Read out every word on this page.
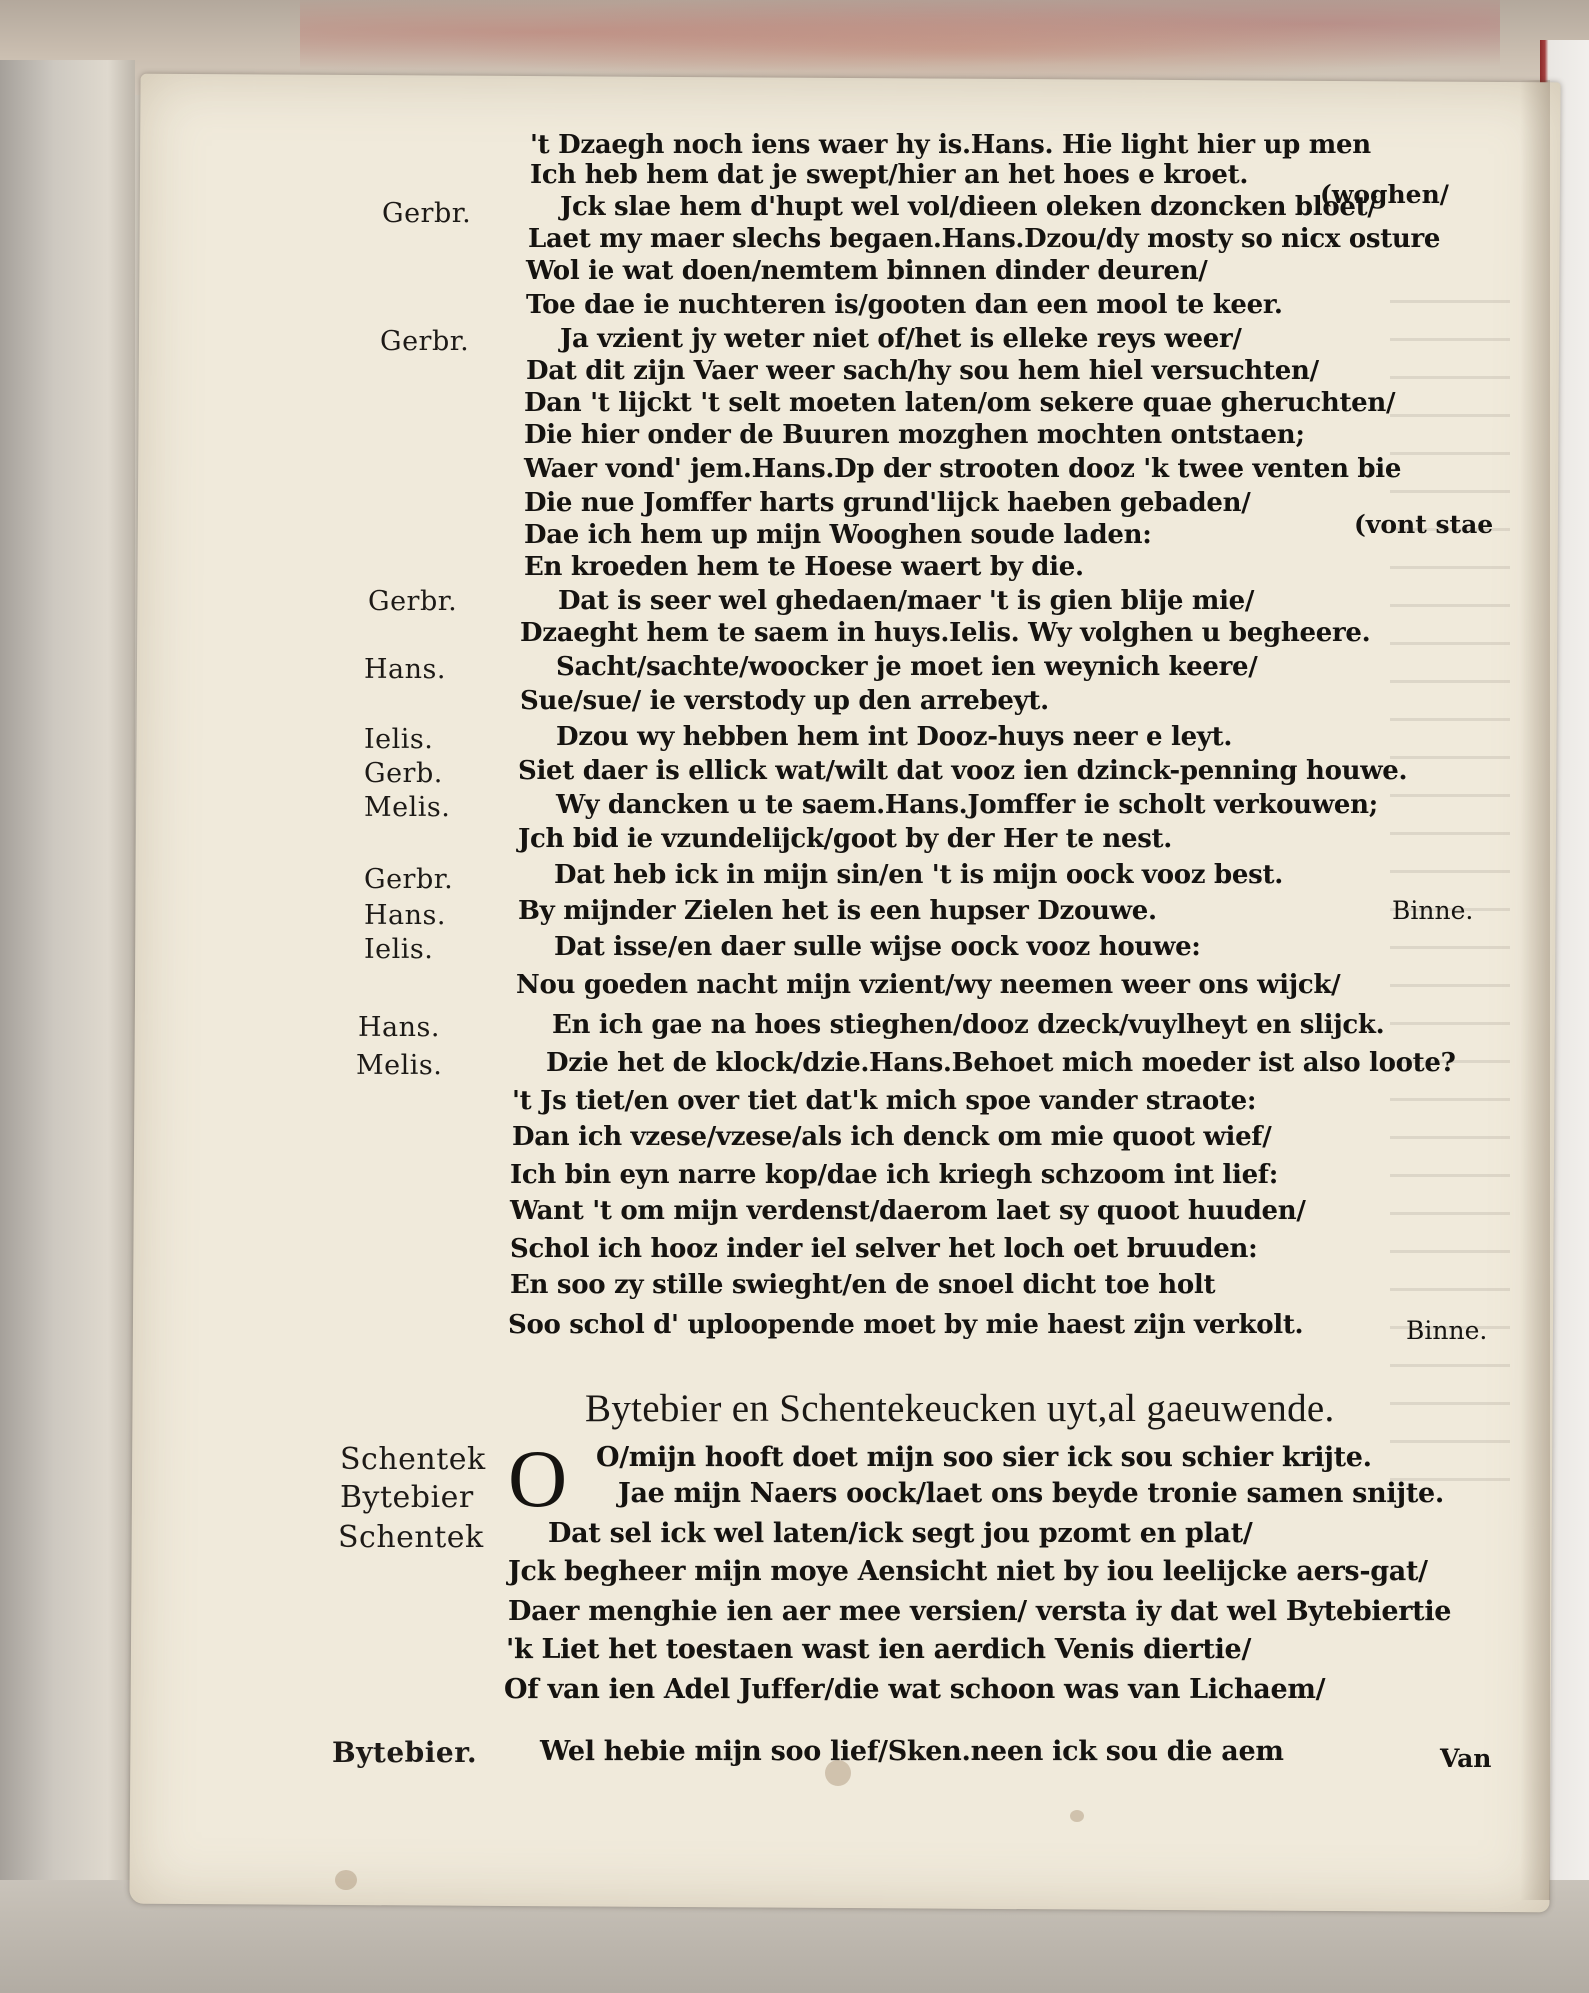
Gerbr.
Gerbr.
Gerbr.
Hans.
Ielis.
Gerb.
Melis.
Gerbr.
Hans.
Ielis.
Hans.
Melis.
't Dzaegh noch iens waer hy is.Hans. Hie light hier up men
Ich heb hem dat je swept/hier an het hoes e kroet.
Jck slae hem d'hupt wel vol/dieen oleken dzoncken bloet/
Laet my maer slechs begaen.Hans.Dzou/dy mosty so nicx osture
Wol ie wat doen/nemtem binnen dinder deuren/
Toe dae ie nuchteren is/gooten dan een mool te keer.
Ja vzient jy weter niet of/het is elleke reys weer/
Dat dit zijn Vaer weer sach/hy sou hem hiel versuchten/
Dan 't lijckt 't selt moeten laten/om sekere quae gheruchten/
Die hier onder de Buuren mozghen mochten ontstaen;
Waer vond' jem.Hans.Dp der strooten dooz 'k twee venten bie
Die nue Jomffer harts grund'lijck haeben gebaden/
Dae ich hem up mijn Wooghen soude laden:
En kroeden hem te Hoese waert by die.
Dat is seer wel ghedaen/maer 't is gien blije mie/
Dzaeght hem te saem in huys.Ielis. Wy volghen u begheere.
Sacht/sachte/woocker je moet ien weynich keere/
Sue/sue/ ie verstody up den arrebeyt.
Dzou wy hebben hem int Dooz-huys neer e leyt.
Siet daer is ellick wat/wilt dat vooz ien dzinck-penning houwe.
Wy dancken u te saem.Hans.Jomffer ie scholt verkouwen;
Jch bid ie vzundelijck/goot by der Her te nest.
Dat heb ick in mijn sin/en 't is mijn oock vooz best.
By mijnder Zielen het is een hupser Dzouwe.
Dat isse/en daer sulle wijse oock vooz houwe:
Nou goeden nacht mijn vzient/wy neemen weer ons wijck/
En ich gae na hoes stieghen/dooz dzeck/vuylheyt en slijck.
Dzie het de klock/dzie.Hans.Behoet mich moeder ist also loote?
't Js tiet/en over tiet dat'k mich spoe vander straote:
Dan ich vzese/vzese/als ich denck om mie quoot wief/
Ich bin eyn narre kop/dae ich kriegh schzoom int lief:
Want 't om mijn verdenst/daerom laet sy quoot huuden/
Schol ich hooz inder iel selver het loch oet bruuden:
En soo zy stille swieght/en de snoel dicht toe holt
Soo schol d' uploopende moet by mie haest zijn verkolt.
(woghen/
(vont stae
Binne.
Binne.
Bytebier en Schentekeucken uyt,al gaeuwende.
O
Schentek
Bytebier
Schentek
Bytebier.
O/mijn hooft doet mijn soo sier ick sou schier krijte.
Jae mijn Naers oock/laet ons beyde tronie samen snijte.
Dat sel ick wel laten/ick segt jou pzomt en plat/
Jck begheer mijn moye Aensicht niet by iou leelijcke aers-gat/
Daer menghie ien aer mee versien/ versta iy dat wel Bytebiertie
'k Liet het toestaen wast ien aerdich Venis diertie/
Of van ien Adel Juffer/die wat schoon was van Lichaem/
Wel hebie mijn soo lief/Sken.neen ick sou die aem	Van
